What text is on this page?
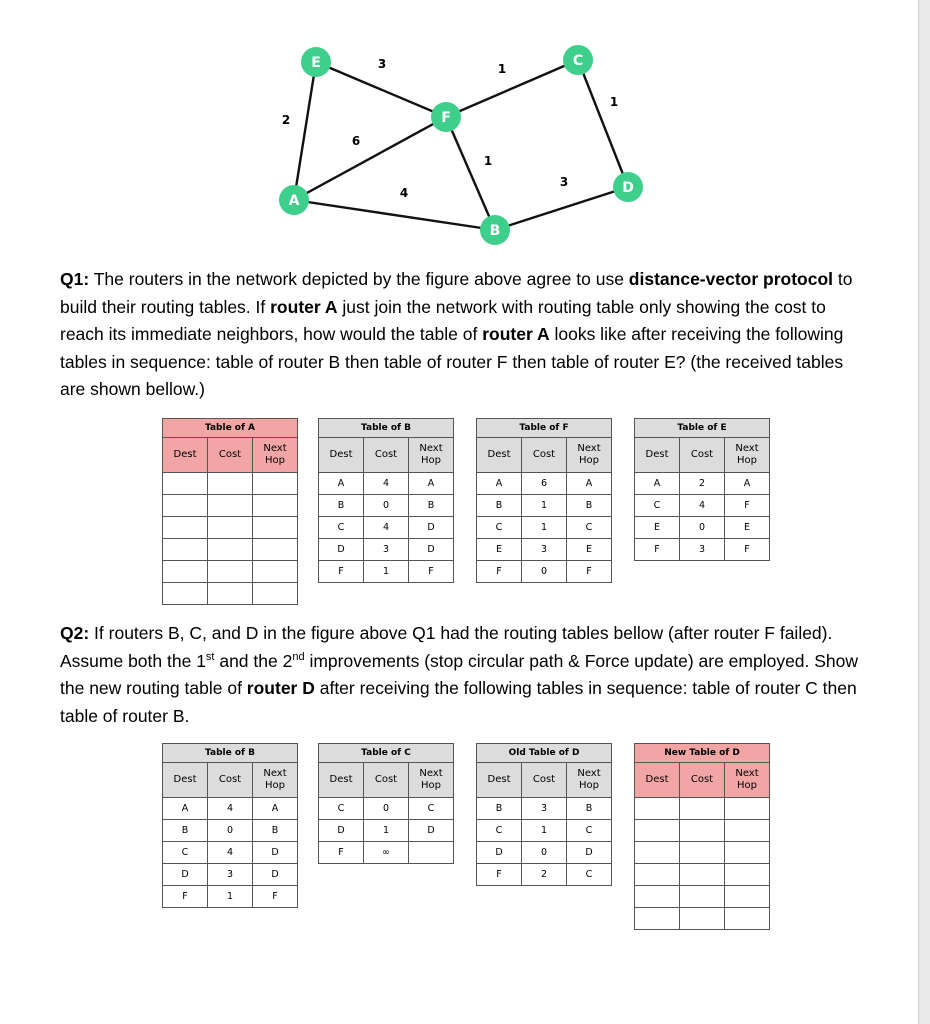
3	1
1
2
6
1
4
3
E	C
F
D
A
B

Q1: The routers in the network depicted by the figure above agree to use distance-vector protocol to build their routing tables. If router A just join the network with routing table only showing the cost to reach its immediate neighbors, how would the table of router A looks like after receiving the following tables in sequence: table of router B then table of router F then table of router E? (the received tables are shown bellow.)

Table of A		
Dest	Cost	Next
Hop

Table of B		
Dest	Cost	Next
Hop
A	4	A
B	0	B
C	4	D
D	3	D
F	1	F
Table of F		
Dest	Cost	Next
Hop
A	6	A
B	1	B
C	1	C
E	3	E
F	0	F
Table of E		
Dest	Cost	Next
Hop
A	2	A
C	4	F
E	0	E
F	3	F

Q2: If routers B, C, and D in the figure above Q1 had the routing tables bellow (after router F failed). Assume both the 1st and the 2nd improvements (stop circular path & Force update) are employed. Show the new routing table of router D after receiving the following tables in sequence: table of router C then table of router B.

Table of B		
Dest	Cost	Next
Hop
A	4	A
B	0	B
C	4	D
D	3	D
F	1	F
Table of C		
Dest	Cost	Next
Hop
C	0	C
D	1	D
F	∞	
Old Table of D		
Dest	Cost	Next
Hop
B	3	B
C	1	C
D	0	D
F	2	C
New Table of D		
Dest	Cost	Next
Hop
